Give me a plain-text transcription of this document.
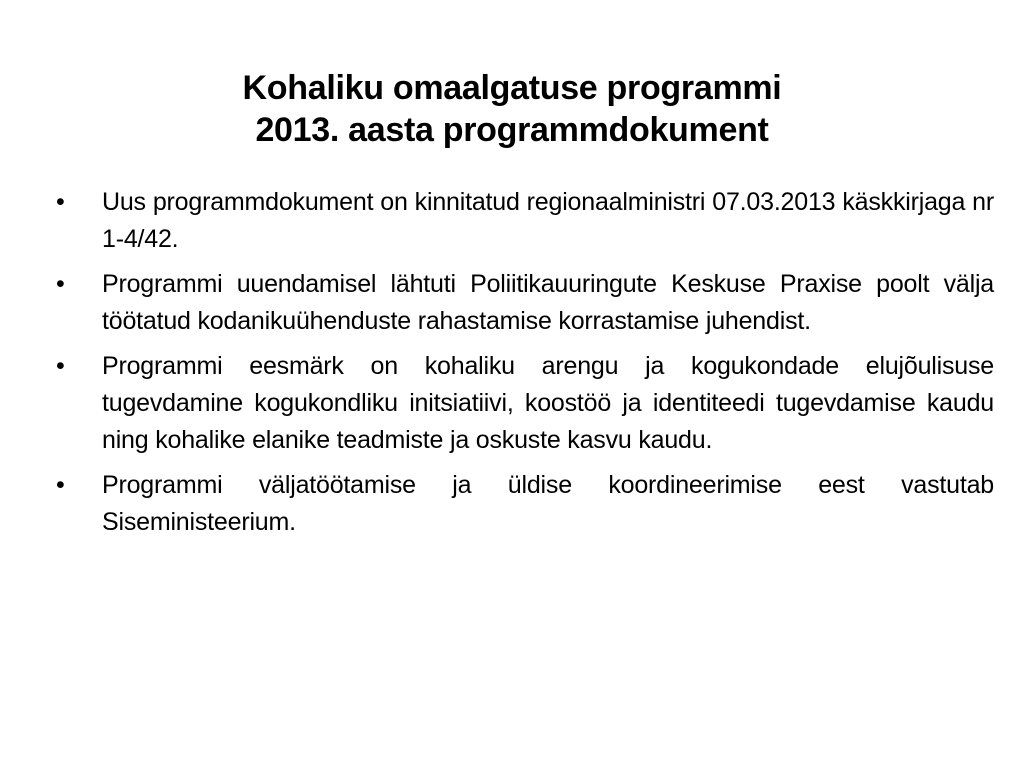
Kohaliku omaalgatuse programmi
2013. aasta programmdokument
•	Uus programmdokument on kinnitatud regionaalministri 07.03.2013 käskkirjaga nr 1-4/42.
•	Programmi uuendamisel lähtuti Poliitikauuringute Keskuse Praxise poolt välja töötatud kodanikuühenduste rahastamise korrastamise juhendist.
•	Programmi eesmärk on kohaliku arengu ja kogukondade elujõulisuse tugevdamine kogukondliku initsiatiivi, koostöö ja identiteedi tugevdamise kaudu ning kohalike elanike teadmiste ja oskuste kasvu kaudu.
•	Programmi väljatöötamise ja üldise koordineerimise eest vastutab Siseministeerium.
